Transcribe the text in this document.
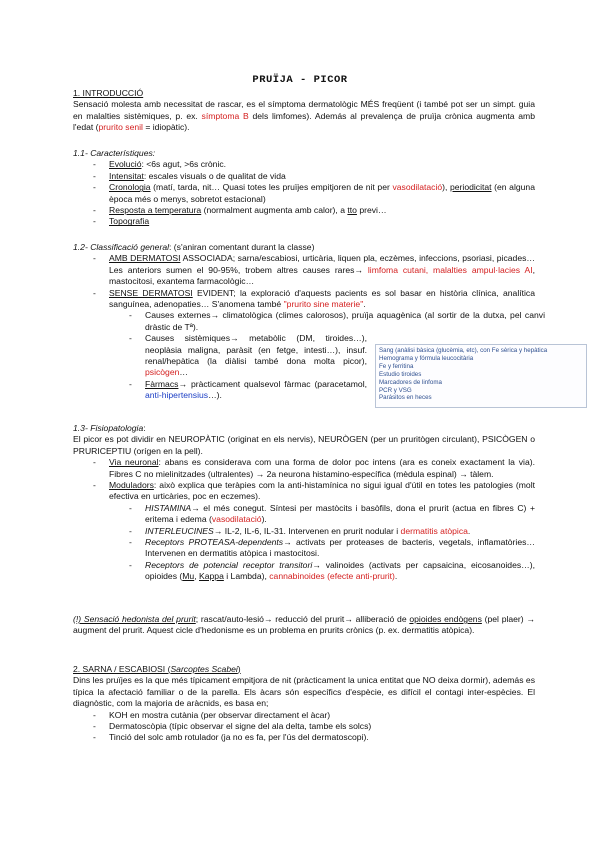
PRUÏJA - PICOR
1. INTRODUCCIÓ
Sensació molesta amb necessitat de rascar, es el símptoma dermatològic MÉS freqüent (i també pot ser un simpt. guia en malalties sistèmiques, p. ex. símptoma B dels limfomes). Además al prevalença de pruïja crònica augmenta amb l'edat (prurito senil = idiopàtic).
1.1- Característiques:
- Evolució: <6s agut, >6s crònic.
- Intensitat: escales visuals o de qualitat de vida
- Cronologia (matí, tarda, nit… Quasi totes les pruïjes empitjoren de nit per vasodilatació), periodicitat (en alguna època més o menys, sobretot estacional)
- Resposta a temperatura (normalment augmenta amb calor), a tto previ…
- Topografia
1.2- Classificació general: (s'aniran comentant durant la classe)
- AMB DERMATOSI ASSOCIADA; sarna/escabiosi, urticària, liquen pla, eczèmes, infeccions, psoriasi, picades… Les anteriors sumen el 90-95%, trobem altres causes rares→ limfoma cutani, malalties ampul·lacies AI, mastocitosi, exantema farmacològic…
- SENSE DERMATOSI EVIDENT; la exploració d'aquests pacients es sol basar en història clínica, analítica sanguínea, adenopaties… S'anomena també "prurito sine materie".
- Causes externes→ climatològica (climes calorosos), pruïja aquagènica (al sortir de la dutxa, pel canvi dràstic de Tª).
- Causes sistèmiques→ metabòlic (DM, tiroides…), neoplàsia maligna, paràsit (en fetge, intesti…), insuf. renal/hepàtica (la diàlisi també dona molta picor), psicògen…
- Fàrmacs→ pràcticament qualsevol fàrmac (paracetamol, anti-hipertensius…).
Sang (anàlisi bàsica (glucèmia, etc), con Fe sèrica y hepàtica
Hemograma y fórmula leucocitària
Fe y ferritina
Estudio tiroides
Marcadores de linfoma
PCR y VSG
Parásitos en heces
1.3- Fisiopatologia:
El picor es pot dividir en NEUROPÀTIC (originat en els nervis), NEURÒGEN (per un pruritògen circulant), PSICÒGEN o PRURICEPTIU (orígen en la pell).
- Via neuronal: abans es considerava com una forma de dolor poc intens (ara es coneix exactament la via). Fibres C no mielinitzades (ultralentes) → 2a neurona histamino-específica (mèdula espinal) → tàlem.
- Moduladors: això explica que teràpies com la anti-histamínica no sigui igual d'útil en totes les patologies (molt efectiva en urticàries, poc en eczemes).
- HISTAMINA→ el més conegut. Síntesi per mastòcits i basòfils, dona el prurit (actua en fibres C) + eritema i edema (vasodilatació).
- INTERLEUCINES→ IL-2, IL-6, IL-31. Intervenen en prurit nodular i dermatitis atòpica.
- Receptors PROTEASA-dependents→ activats per proteases de bacteris, vegetals, inflamatòries… Intervenen en dermatitis atòpica i mastocitosi.
- Receptors de potencial receptor transitori→ valinoides (activats per capsaicina, eicosanoides…), opioides (Mu, Kappa i Lambda), cannabinoides (efecte anti-prurit).
(!) Sensació hedonista del prurit; rascat/auto-lesió→ reducció del prurit→ alliberació de opioides endògens (pel plaer) → augment del prurit. Aquest cicle d'hedonisme es un problema en prurits crònics (p. ex. dermatitis atòpica).
2. SARNA / ESCABIOSI (Sarcoptes Scabei)
Dins les pruïjes es la que més típicament empitjora de nit (pràcticament la unica entitat que NO deixa dormir), además es típica la afectació familiar o de la parella. Els àcars són específics d'espècie, es difícil el contagi inter-espècies. El diagnòstic, com la majoria de aràcnids, es basa en;
- KOH en mostra cutània (per observar directament el àcar)
- Dermatoscòpia (típic observar el signe del ala delta, tambe els solcs)
- Tinció del solc amb rotulador (ja no es fa, per l'ús del dermatoscopi).
